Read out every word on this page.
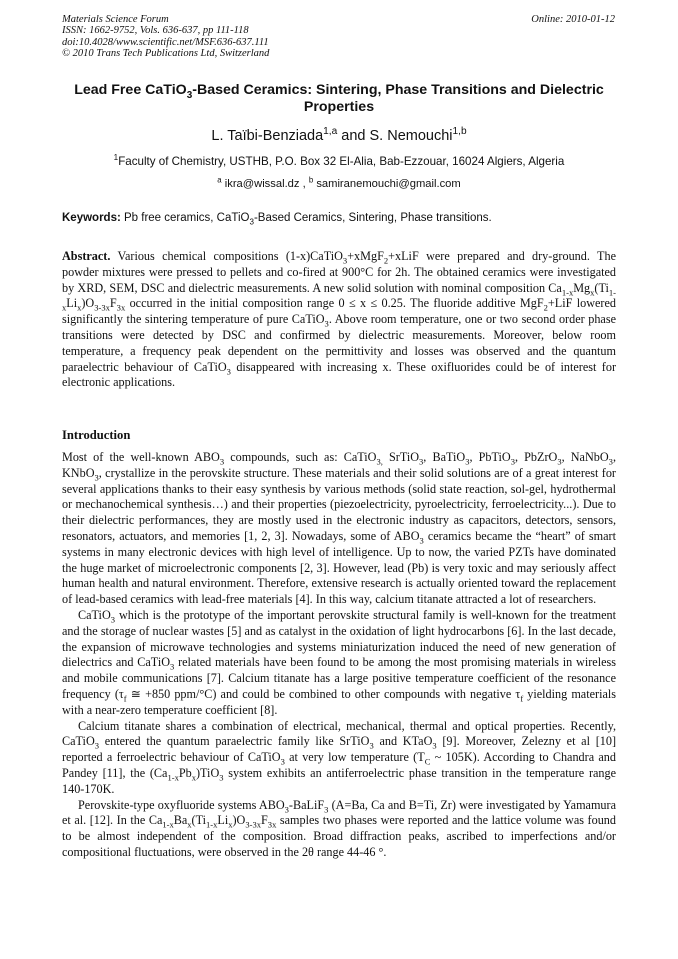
Materials Science Forum
ISSN: 1662-9752, Vols. 636-637, pp 111-118
doi:10.4028/www.scientific.net/MSF.636-637.111
© 2010 Trans Tech Publications Ltd, Switzerland
Online: 2010-01-12
Lead Free CaTiO$_3$-Based Ceramics: Sintering, Phase Transitions and Dielectric Properties
L. Taïbi-Benziada$^{1,a}$ and S. Nemouchi$^{1,b}$
$^1$Faculty of Chemistry, USTHB, P.O. Box 32 El-Alia, Bab-Ezzouar, 16024 Algiers, Algeria
$^a$ ikra@wissal.dz , $^b$ samiranemouchi@gmail.com
Keywords: Pb free ceramics, CaTiO$_3$-Based Ceramics, Sintering, Phase transitions.
Abstract. Various chemical compositions (1-x)CaTiO$_3$+xMgF$_2$+xLiF were prepared and dry-ground. The powder mixtures were pressed to pellets and co-fired at 900°C for 2h. The obtained ceramics were investigated by XRD, SEM, DSC and dielectric measurements. A new solid solution with nominal composition $Ca_{1-x}Mg_x(Ti_{1-x}Li_x)O_{3-3x}F_{3x}$ occurred in the initial composition range 0 ≤ x ≤ 0.25. The fluoride additive MgF$_2$+LiF lowered significantly the sintering temperature of pure CaTiO$_3$. Above room temperature, one or two second order phase transitions were detected by DSC and confirmed by dielectric measurements. Moreover, below room temperature, a frequency peak dependent on the permittivity and losses was observed and the quantum paraelectric behaviour of CaTiO$_3$ disappeared with increasing x. These oxifluorides could be of interest for electronic applications.
Introduction

Most of the well-known $ABO_3$ compounds, such as: CaTiO$_{3,}$ SrTiO$_3$, BaTiO$_3$, PbTiO$_3$, PbZrO$_3$, NaNbO$_3$, KNbO$_3$, crystallize in the perovskite structure. These materials and their solid solutions are of a great interest for several applications thanks to their easy synthesis by various methods (solid state reaction, sol-gel, hydrothermal or mechanochemical synthesis…) and their properties (piezoelectricity, pyroelectricity, ferroelectricity...). Due to their dielectric performances, they are mostly used in the electronic industry as capacitors, detectors, sensors, resonators, actuators, and memories [1, 2, 3]. Nowadays, some of $ABO_3$ ceramics became the “heart” of smart systems in many electronic devices with high level of intelligence. Up to now, the varied PZTs have dominated the huge market of microelectronic components [2, 3]. However, lead (Pb) is very toxic and may seriously affect human health and natural environment. Therefore, extensive research is actually oriented toward the replacement of lead-based ceramics with lead-free materials [4]. In this way, calcium titanate attracted a lot of researchers.

CaTiO$_3$ which is the prototype of the important perovskite structural family is well-known for the treatment and the storage of nuclear wastes [5] and as catalyst in the oxidation of light hydrocarbons [6]. In the last decade, the expansion of microwave technologies and systems miniaturization induced the need of new generation of dielectrics and CaTiO$_3$ related materials have been found to be among the most promising materials in wireless and mobile communications [7]. Calcium titanate has a large positive temperature coefficient of the resonance frequency ($\tau_f$ ≅ +850 ppm/°C) and could be combined to other compounds with negative $\tau_f$ yielding materials with a near-zero temperature coefficient [8].

Calcium titanate shares a combination of electrical, mechanical, thermal and optical properties. Recently, CaTiO$_3$ entered the quantum paraelectric family like SrTiO$_3$ and KTaO$_3$ [9]. Moreover, Zelezny et al [10] reported a ferroelectric behaviour of CaTiO$_3$ at very low temperature ($T_C$ ~ 105K). According to Chandra and Pandey [11], the $(Ca_{1-x}Pb_x)TiO_3$ system exhibits an antiferroelectric phase transition in the temperature range 140-170K.

Perovskite-type oxyfluoride systems $ABO_3-BaLiF_3$ (A=Ba, Ca and B=Ti, Zr) were investigated by Yamamura et al. [12]. In the $Ca_{1-x}Ba_x(Ti_{1-x}Li_x)O_{3-3x}F_{3x}$ samples two phases were reported and the lattice volume was found to be almost independent of the composition. Broad diffraction peaks, ascribed to imperfections and/or compositional fluctuations, were observed in the 2θ range 44-46 °.
